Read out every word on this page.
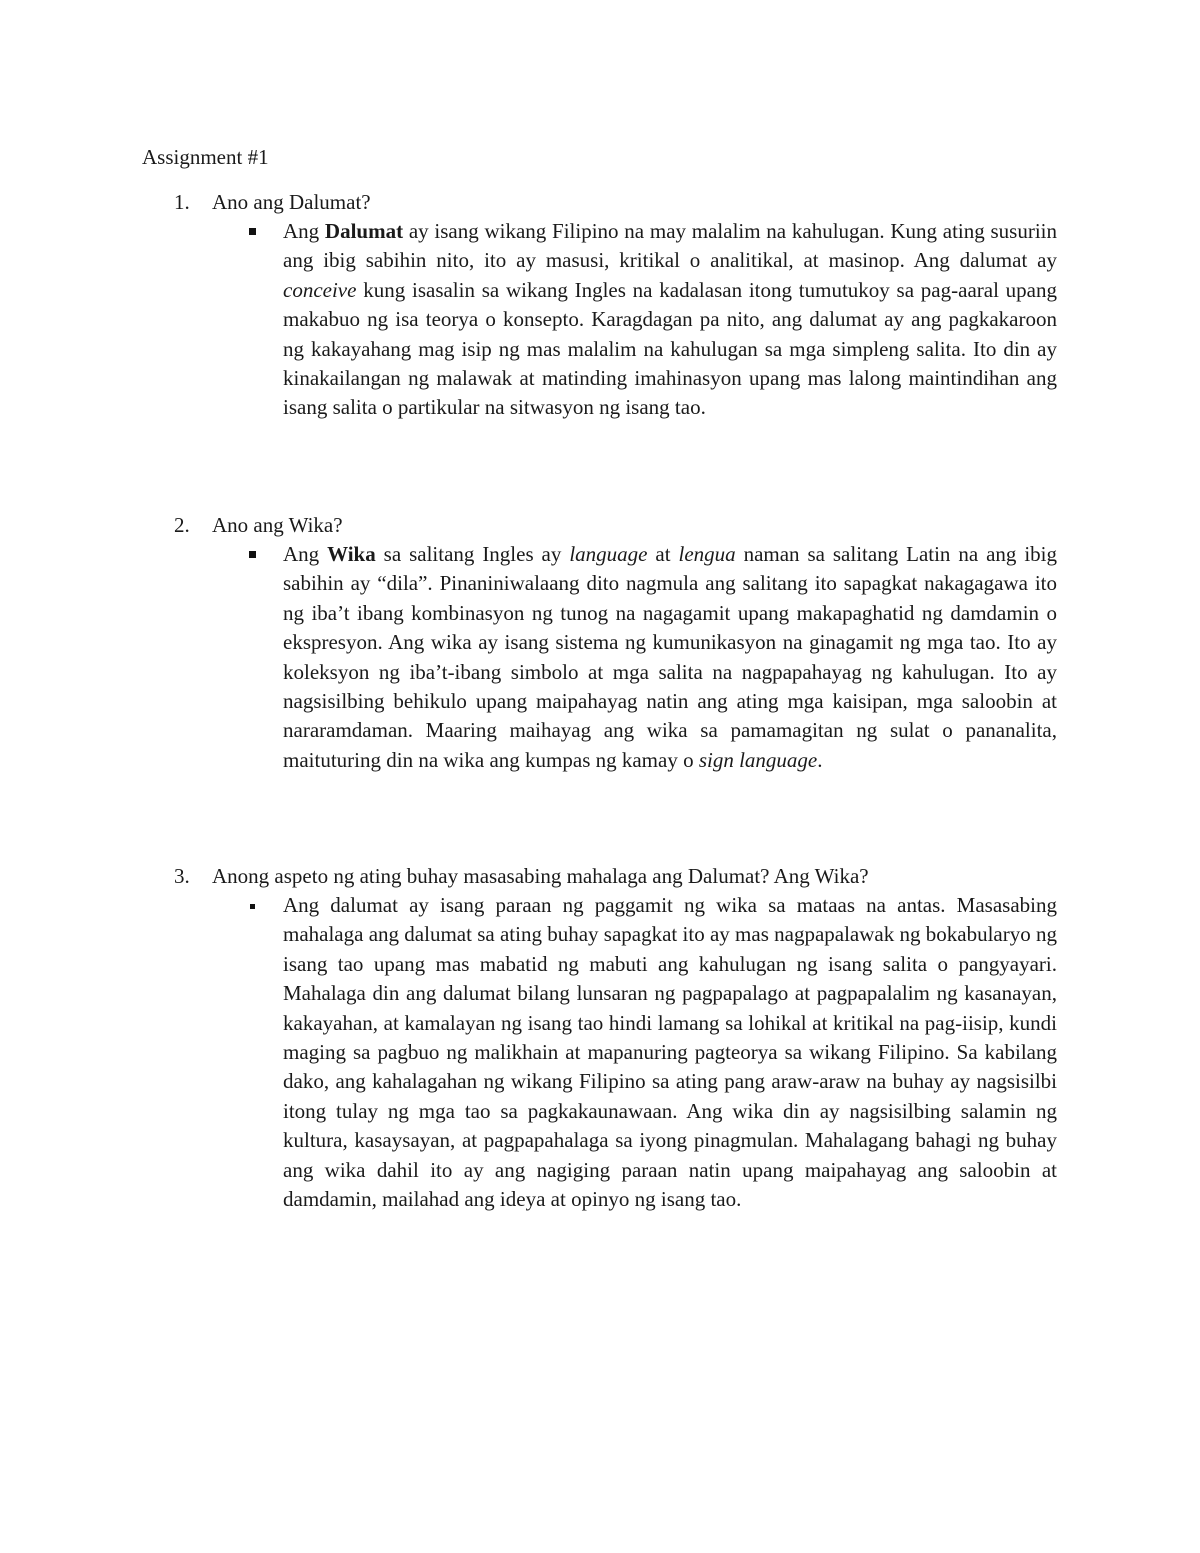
Assignment #1
1.	Ano ang Dalumat?
Ang Dalumat ay isang wikang Filipino na may malalim na kahulugan. Kung ating susuriin ang ibig sabihin nito, ito ay masusi, kritikal o analitikal, at masinop. Ang dalumat ay conceive kung isasalin sa wikang Ingles na kadalasan itong tumutukoy sa pag-aaral upang makabuo ng isa teorya o konsepto. Karagdagan pa nito, ang dalumat ay ang pagkakaroon ng kakayahang mag isip ng mas malalim na kahulugan sa mga simpleng salita. Ito din ay kinakailangan ng malawak at matinding imahinasyon upang mas lalong maintindihan ang isang salita o partikular na sitwasyon ng isang tao.
2.	Ano ang Wika?
Ang Wika sa salitang Ingles ay language at lengua naman sa salitang Latin na ang ibig sabihin ay “dila”. Pinaniniwalaang dito nagmula ang salitang ito sapagkat nakagagawa ito ng iba’t ibang kombinasyon ng tunog na nagagamit upang makapaghatid ng damdamin o ekspresyon. Ang wika ay isang sistema ng kumunikasyon na ginagamit ng mga tao. Ito ay koleksyon ng iba’t-ibang simbolo at mga salita na nagpapahayag ng kahulugan. Ito ay nagsisilbing behikulo upang maipahayag natin ang ating mga kaisipan, mga saloobin at nararamdaman. Maaring maihayag ang wika sa pamamagitan ng sulat o pananalita, maituturing din na wika ang kumpas ng kamay o sign language.
3.	Anong aspeto ng ating buhay masasabing mahalaga ang Dalumat? Ang Wika?
Ang dalumat ay isang paraan ng paggamit ng wika sa mataas na antas. Masasabing mahalaga ang dalumat sa ating buhay sapagkat ito ay mas nagpapalawak ng bokabularyo ng isang tao upang mas mabatid ng mabuti ang kahulugan ng isang salita o pangyayari. Mahalaga din ang dalumat bilang lunsaran ng pagpapalago at pagpapalalim ng kasanayan, kakayahan, at kamalayan ng isang tao hindi lamang sa lohikal at kritikal na pag-iisip, kundi maging sa pagbuo ng malikhain at mapanuring pagteorya sa wikang Filipino. Sa kabilang dako, ang kahalagahan ng wikang Filipino sa ating pang araw-araw na buhay ay nagsisilbi itong tulay ng mga tao sa pagkakaunawaan. Ang wika din ay nagsisilbing salamin ng kultura, kasaysayan, at pagpapahalaga sa iyong pinagmulan. Mahalagang bahagi ng buhay ang wika dahil ito ay ang nagiging paraan natin upang maipahayag ang saloobin at damdamin, mailahad ang ideya at opinyo ng isang tao.
